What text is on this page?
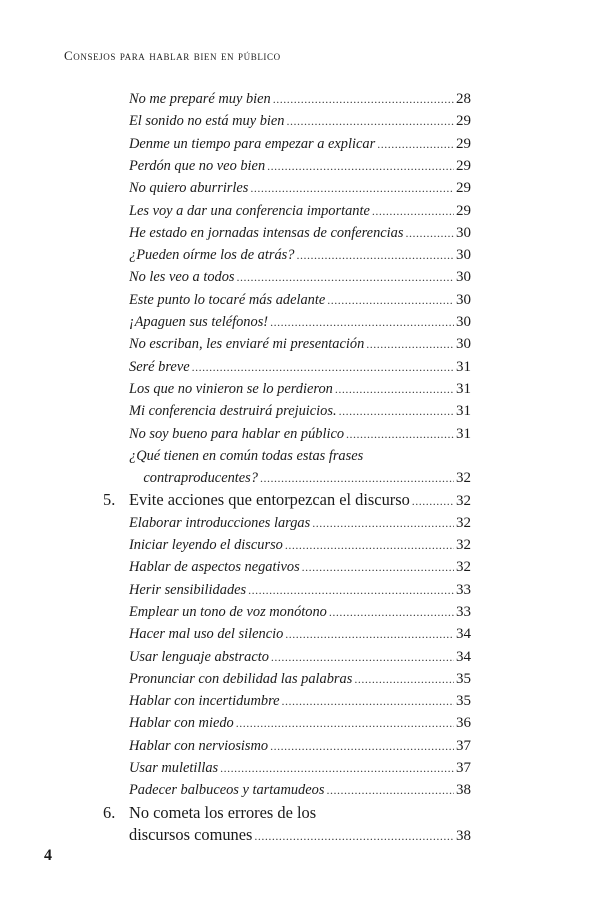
Consejos para hablar bien en público
No me preparé muy bien .....	28
El sonido no está muy bien .....	29
Denme un tiempo para empezar a explicar .....	29
Perdón que no veo bien .....	29
No quiero aburrirles .....	29
Les voy a dar una conferencia importante .....	29
He estado en jornadas intensas de conferencias .....	30
¿Pueden oírme los de atrás? .....	30
No les veo a todos .....	30
Este punto lo tocaré más adelante .....	30
¡Apaguen sus teléfonos! .....	30
No escriban, les enviaré mi presentación .....	30
Seré breve .....	31
Los que no vinieron se lo perdieron .....	31
Mi conferencia destruirá prejuicios. .....	31
No soy bueno para hablar en público .....	31
¿Qué tienen en común todas estas frases
contraproducentes? .....	32
5. Evite acciones que entorpezcan el discurso .....	32
Elaborar introducciones largas .....	32
Iniciar leyendo el discurso .....	32
Hablar de aspectos negativos .....	32
Herir sensibilidades .....	33
Emplear un tono de voz monótono .....	33
Hacer mal uso del silencio .....	34
Usar lenguaje abstracto .....	34
Pronunciar con debilidad las palabras .....	35
Hablar con incertidumbre .....	35
Hablar con miedo .....	36
Hablar con nerviosismo .....	37
Usar muletillas .....	37
Padecer balbuceos y tartamudeos .....	38
6. No cometa los errores de los
discursos comunes .....	38
4
